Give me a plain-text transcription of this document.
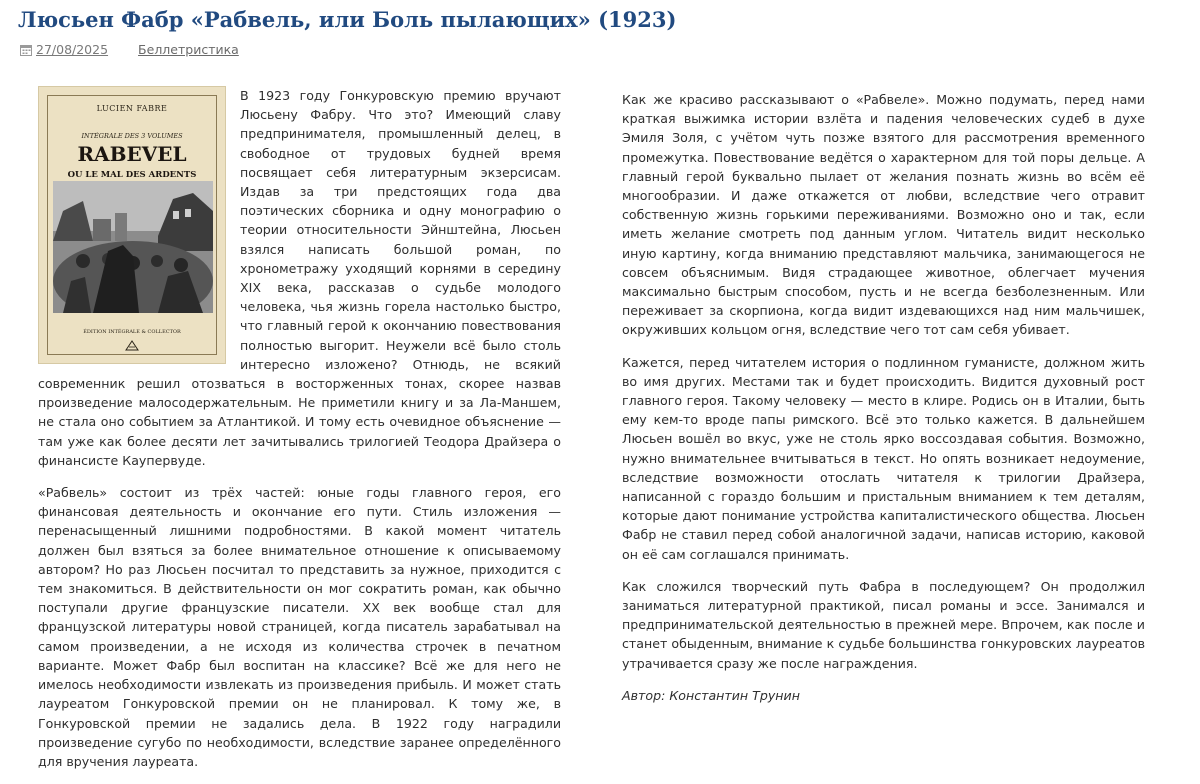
Люсьен Фабр «Рабвель, или Боль пылающих» (1923)
27/08/2025 Беллетристика
LUCIEN FABRE
INTÉGRALE DES 3 VOLUMES
RABEVEL
OU LE MAL DES ARDENTS
ÉDITION INTÉGRALE & COLLECTOR

В 1923 году Гонкуровскую премию вручают Люсьену Фабру. Что это? Имеющий славу предпринимателя, промышленный делец, в свободное от трудовых будней время посвящает себя литературным экзерсисам. Издав за три предстоящих года два поэтических сборника и одну монографию о теории относительности Эйнштейна, Люсьен взялся написать большой роман, по хронометражу уходящий корнями в середину XIX века, рассказав о судьбе молодого человека, чья жизнь горела настолько быстро, что главный герой к окончанию повествования полностью выгорит. Неужели всё было столь интересно изложено? Отнюдь, не всякий современник решил отозваться в восторженных тонах, скорее назвав произведение малосодержательным. Не приметили книгу и за Ла-Маншем, не стала оно событием за Атлантикой. И тому есть очевидное объяснение — там уже как более десяти лет зачитывались трилогией Теодора Драйзера о финансисте Каупервуде.

«Рабвель» состоит из трёх частей: юные годы главного героя, его финансовая деятельность и окончание его пути. Стиль изложения — перенасыщенный лишними подробностями. В какой момент читатель должен был взяться за более внимательное отношение к описываемому автором? Но раз Люсьен посчитал то представить за нужное, приходится с тем знакомиться. В действительности он мог сократить роман, как обычно поступали другие французские писатели. XX век вообще стал для французской литературы новой страницей, когда писатель зарабатывал на самом произведении, а не исходя из количества строчек в печатном варианте. Может Фабр был воспитан на классике? Всё же для него не имелось необходимости извлекать из произведения прибыль. И может стать лауреатом Гонкуровской премии он не планировал. К тому же, в Гонкуровской премии не задались дела. В 1922 году наградили произведение сугубо по необходимости, вследствие заранее определённого для вручения лауреата.

Как же красиво рассказывают о «Рабвеле». Можно подумать, перед нами краткая выжимка истории взлёта и падения человеческих судеб в духе Эмиля Золя, с учётом чуть позже взятого для рассмотрения временного промежутка. Повествование ведётся о характерном для той поры дельце. А главный герой буквально пылает от желания познать жизнь во всём её многообразии. И даже откажется от любви, вследствие чего отравит собственную жизнь горькими переживаниями. Возможно оно и так, если иметь желание смотреть под данным углом. Читатель видит несколько иную картину, когда вниманию представляют мальчика, занимающегося не совсем объяснимым. Видя страдающее животное, облегчает мучения максимально быстрым способом, пусть и не всегда безболезненным. Или переживает за скорпиона, когда видит издевающихся над ним мальчишек, окруживших кольцом огня, вследствие чего тот сам себя убивает.

Кажется, перед читателем история о подлинном гуманисте, должном жить во имя других. Местами так и будет происходить. Видится духовный рост главного героя. Такому человеку — место в клире. Родись он в Италии, быть ему кем-то вроде папы римского. Всё это только кажется. В дальнейшем Люсьен вошёл во вкус, уже не столь ярко воссоздавая события. Возможно, нужно внимательнее вчитываться в текст. Но опять возникает недоумение, вследствие возможности отослать читателя к трилогии Драйзера, написанной с гораздо большим и пристальным вниманием к тем деталям, которые дают понимание устройства капиталистического общества. Люсьен Фабр не ставил перед собой аналогичной задачи, написав историю, каковой он её сам соглашался принимать.

Как сложился творческий путь Фабра в последующем? Он продолжил заниматься литературной практикой, писал романы и эссе. Занимался и предпринимательской деятельностью в прежней мере. Впрочем, как после и станет обыденным, внимание к судьбе большинства гонкуровских лауреатов утрачивается сразу же после награждения.

Автор: Константин Трунин
